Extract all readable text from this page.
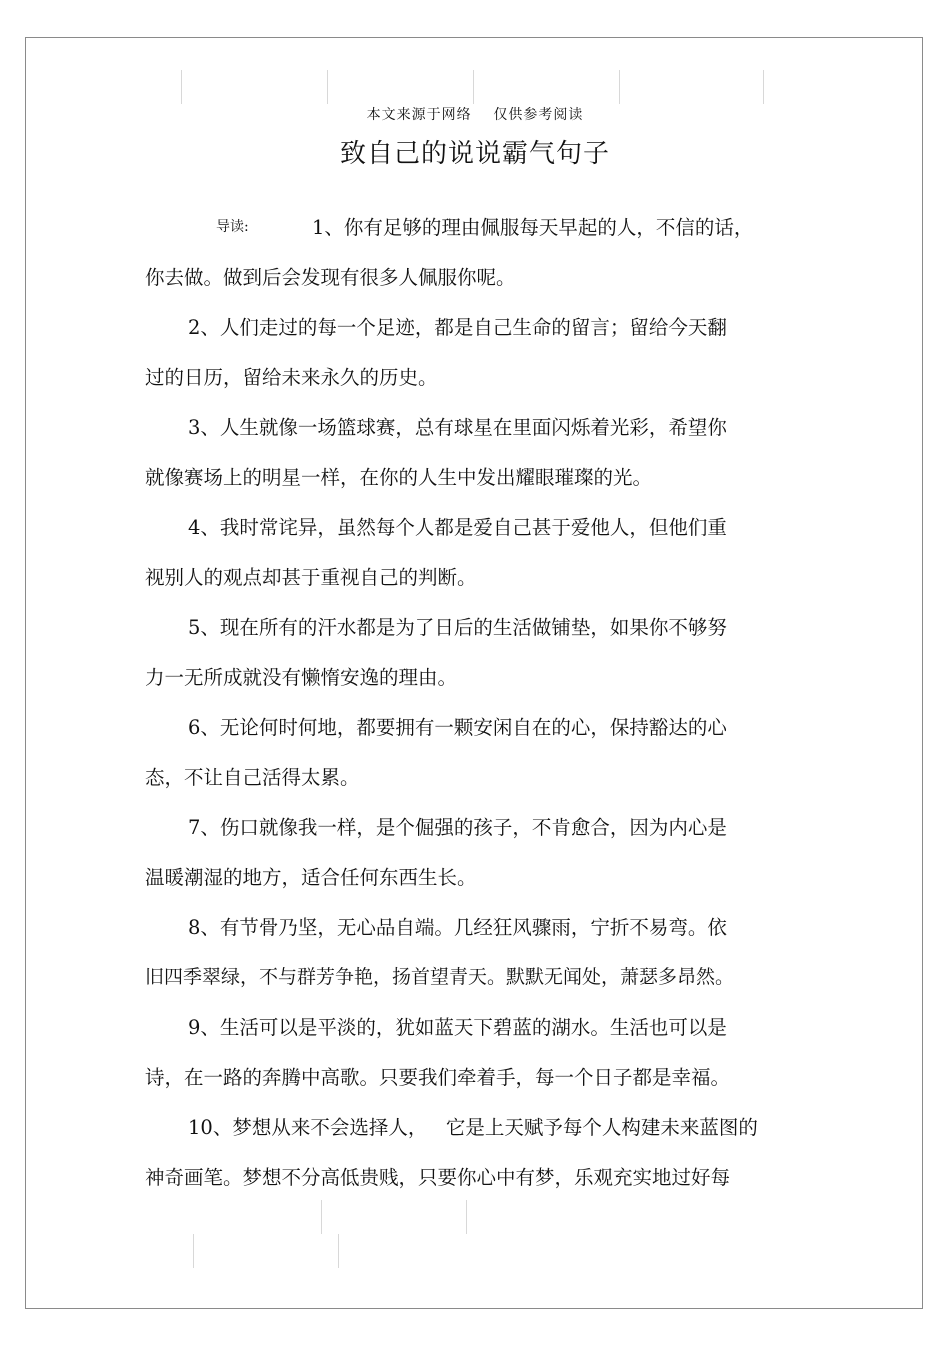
本文来源于网络    仅供参考阅读
致自己的说说霸气句子
导读:	1、你有足够的理由佩服每天早起的人，不信的话，
你去做。做到后会发现有很多人佩服你呢。
2、人们走过的每一个足迹，都是自己生命的留言；留给今天翻
过的日历，留给未来永久的历史。
3、人生就像一场篮球赛，总有球星在里面闪烁着光彩，希望你
就像赛场上的明星一样，在你的人生中发出耀眼璀璨的光。
4、我时常诧异，虽然每个人都是爱自己甚于爱他人，但他们重
视别人的观点却甚于重视自己的判断。
5、现在所有的汗水都是为了日后的生活做铺垫，如果你不够努
力一无所成就没有懒惰安逸的理由。
6、无论何时何地，都要拥有一颗安闲自在的心，保持豁达的心
态，不让自己活得太累。
7、伤口就像我一样，是个倔强的孩子，不肯愈合，因为内心是
温暖潮湿的地方，适合任何东西生长。
8、有节骨乃坚，无心品自端。几经狂风骤雨，宁折不易弯。依
旧四季翠绿，不与群芳争艳，扬首望青天。默默无闻处，萧瑟多昂然。
9、生活可以是平淡的，犹如蓝天下碧蓝的湖水。生活也可以是
诗，在一路的奔腾中高歌。只要我们牵着手，每一个日子都是幸福。
10、梦想从来不会选择人，   它是上天赋予每个人构建未来蓝图的
神奇画笔。梦想不分高低贵贱，只要你心中有梦，乐观充实地过好每
